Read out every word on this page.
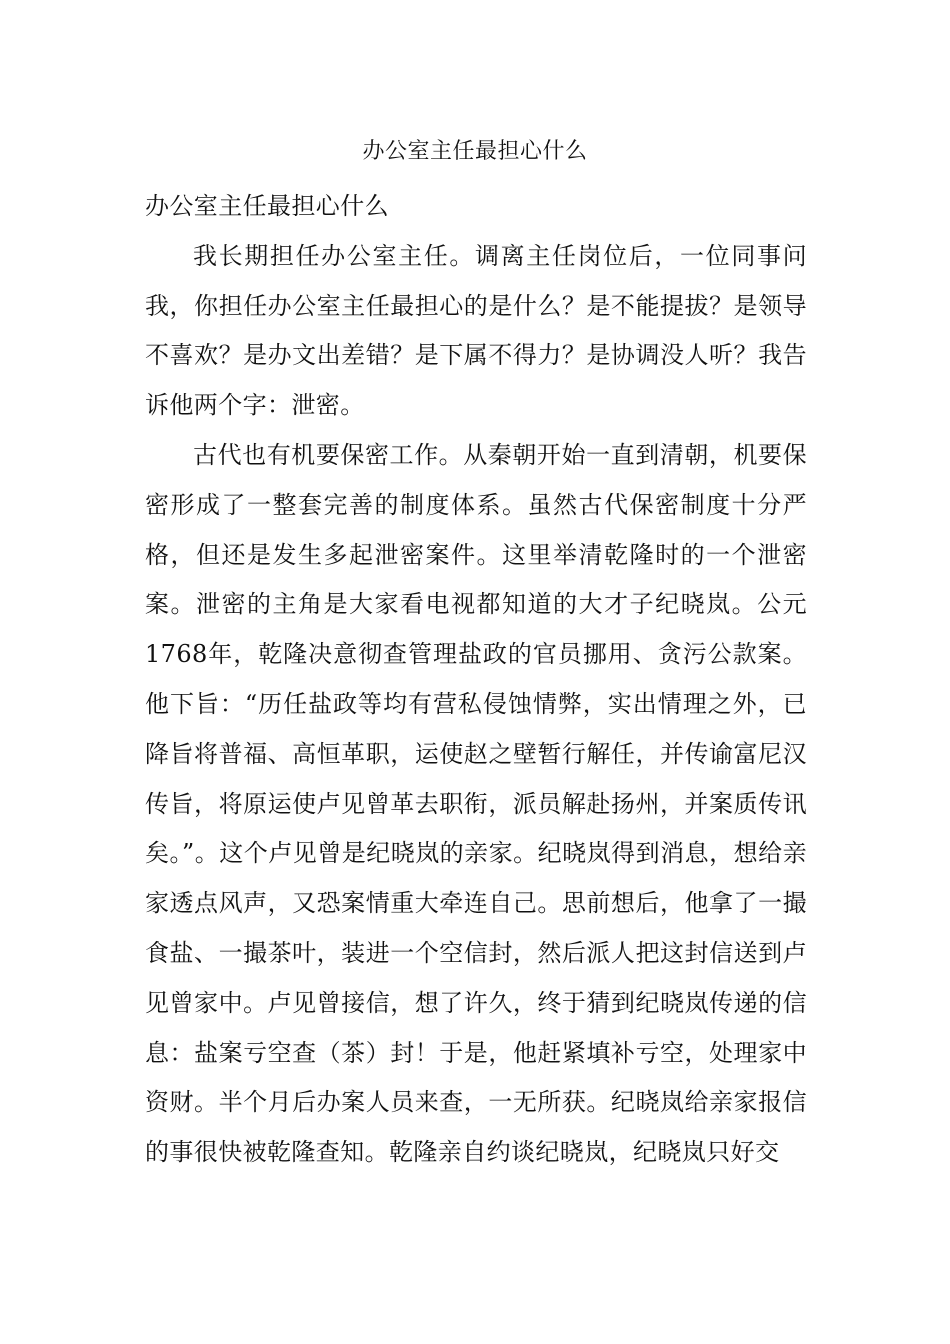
办公室主任最担心什么

办公室主任最担心什么

我长期担任办公室主任。调离主任岗位后，一位同事问我，你担任办公室主任最担心的是什么？是不能提拔？是领导不喜欢？是办文出差错？是下属不得力？是协调没人听？我告诉他两个字：泄密。

古代也有机要保密工作。从秦朝开始一直到清朝，机要保密形成了一整套完善的制度体系。虽然古代保密制度十分严格，但还是发生多起泄密案件。这里举清乾隆时的一个泄密案。泄密的主角是大家看电视都知道的大才子纪晓岚。公元1768年，乾隆决意彻查管理盐政的官员挪用、贪污公款案。他下旨：“历任盐政等均有营私侵蚀情弊，实出情理之外，已降旨将普福、高恒革职，运使赵之壁暂行解任，并传谕富尼汉传旨，将原运使卢见曾革去职衔，派员解赴扬州，并案质传讯矣。”。这个卢见曾是纪晓岚的亲家。纪晓岚得到消息，想给亲家透点风声，又恐案情重大牵连自己。思前想后，他拿了一撮食盐、一撮茶叶，装进一个空信封，然后派人把这封信送到卢见曾家中。卢见曾接信，想了许久，终于猜到纪晓岚传递的信息：盐案亏空查（茶）封！于是，他赶紧填补亏空，处理家中资财。半个月后办案人员来查，一无所获。纪晓岚给亲家报信的事很快被乾隆查知。乾隆亲自约谈纪晓岚，纪晓岚只好交
